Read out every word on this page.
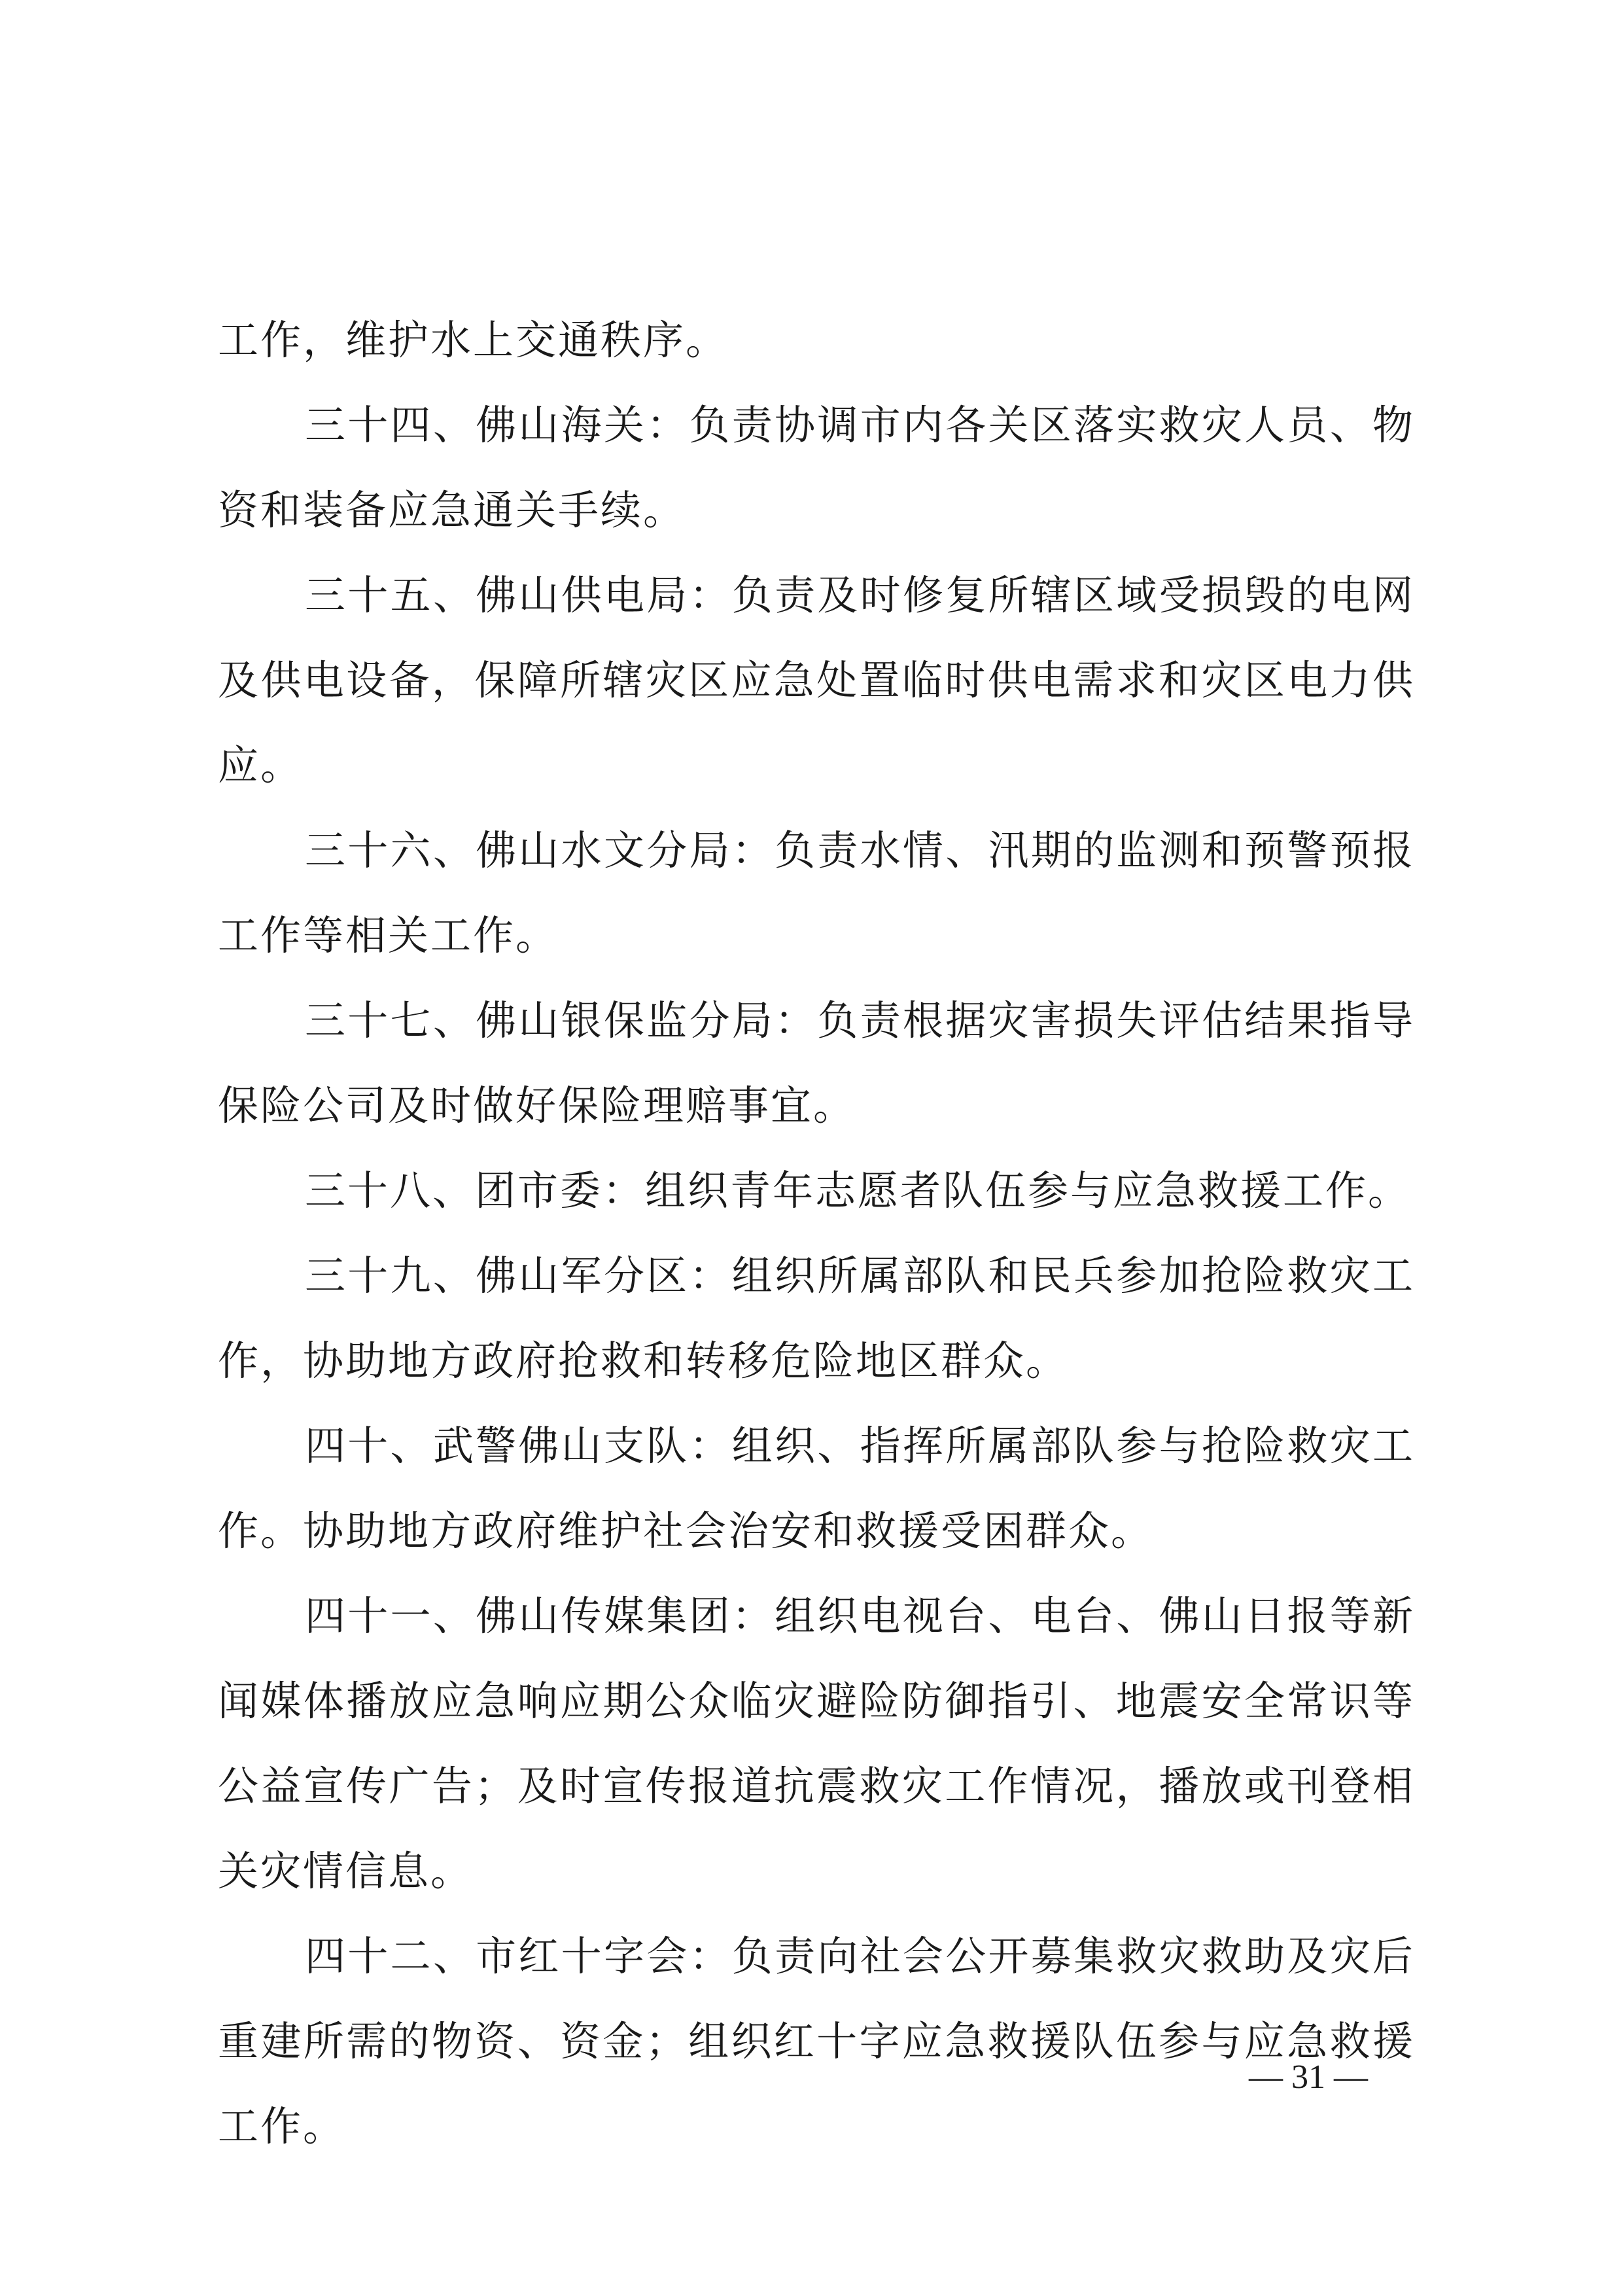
工作，维护水上交通秩序。

三十四、佛山海关：负责协调市内各关区落实救灾人员、物资和装备应急通关手续。

三十五、佛山供电局：负责及时修复所辖区域受损毁的电网及供电设备，保障所辖灾区应急处置临时供电需求和灾区电力供应。

三十六、佛山水文分局：负责水情、汛期的监测和预警预报工作等相关工作。

三十七、佛山银保监分局：负责根据灾害损失评估结果指导保险公司及时做好保险理赔事宜。

三十八、团市委：组织青年志愿者队伍参与应急救援工作。

三十九、佛山军分区：组织所属部队和民兵参加抢险救灾工作，协助地方政府抢救和转移危险地区群众。

四十、武警佛山支队：组织、指挥所属部队参与抢险救灾工作。协助地方政府维护社会治安和救援受困群众。

四十一、佛山传媒集团：组织电视台、电台、佛山日报等新闻媒体播放应急响应期公众临灾避险防御指引、地震安全常识等公益宣传广告；及时宣传报道抗震救灾工作情况，播放或刊登相关灾情信息。

四十二、市红十字会：负责向社会公开募集救灾救助及灾后重建所需的物资、资金；组织红十字应急救援队伍参与应急救援工作。

— 31 —
